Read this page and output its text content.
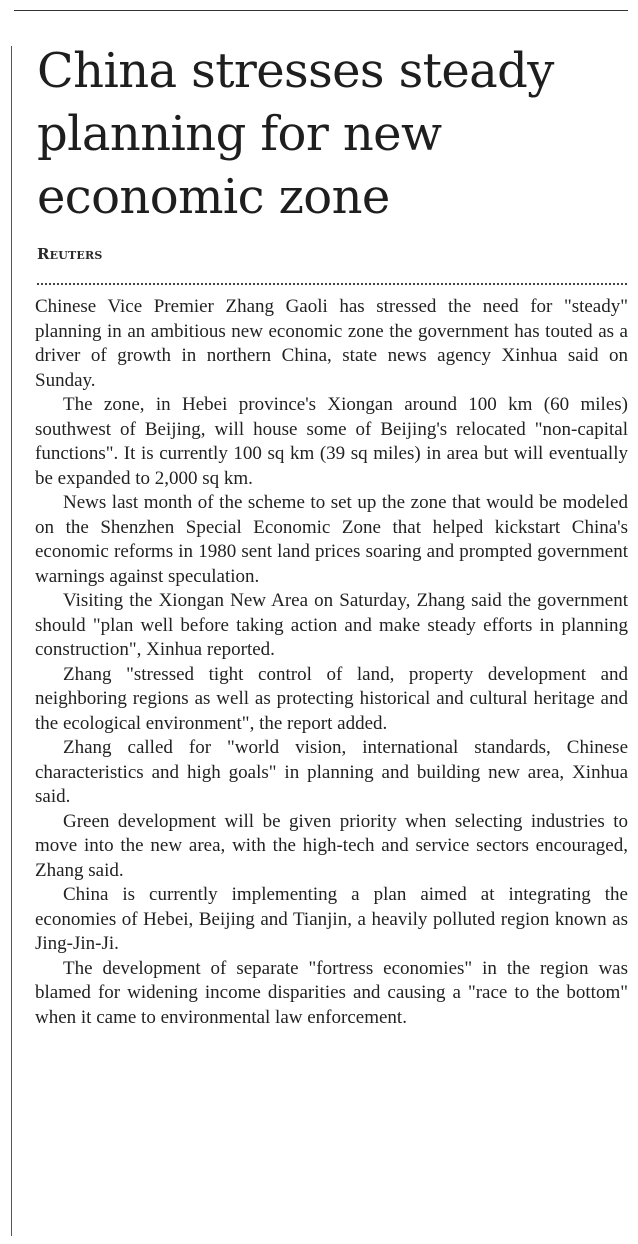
China stresses steady planning for new economic zone
Reuters

Chinese Vice Premier Zhang Gaoli has stressed the need for "steady" planning in an ambitious new economic zone the government has touted as a driver of growth in northern China, state news agency Xinhua said on Sunday.

The zone, in Hebei province's Xiongan around 100 km (60 miles) southwest of Beijing, will house some of Beijing's relocated "non-capital functions". It is currently 100 sq km (39 sq miles) in area but will eventually be expanded to 2,000 sq km.

News last month of the scheme to set up the zone that would be modeled on the Shenzhen Special Economic Zone that helped kickstart China's economic reforms in 1980 sent land prices soaring and prompted government warnings against speculation.

Visiting the Xiongan New Area on Saturday, Zhang said the government should "plan well before taking action and make steady efforts in planning construction", Xinhua reported.

Zhang "stressed tight control of land, property development and neighboring regions as well as protecting historical and cultural heritage and the ecological environment", the report added.

Zhang called for "world vision, international standards, Chinese characteristics and high goals" in planning and building new area, Xinhua said.

Green development will be given priority when selecting industries to move into the new area, with the high-tech and service sectors encouraged, Zhang said.

China is currently implementing a plan aimed at integrating the economies of Hebei, Beijing and Tianjin, a heavily polluted region known as Jing-Jin-Ji.

The development of separate "fortress economies" in the region was blamed for widening income disparities and causing a "race to the bottom" when it came to environmental law enforcement.
